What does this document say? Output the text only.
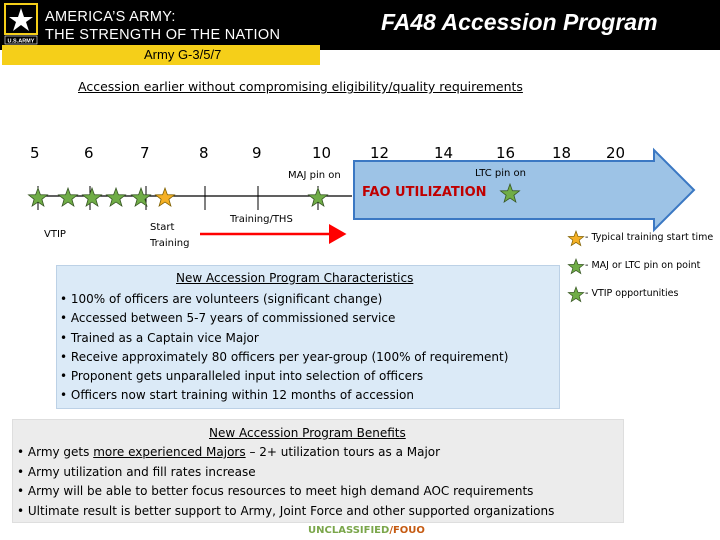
U.S.ARMY
AMERICA’S ARMY:
THE STRENGTH OF THE NATION
Army G-3/5/7
FA48 Accession Program
Accession earlier without compromising eligibility/quality requirements
5	6	7	8	9	10	12	14	16 18 20
MAJ pin on	LTC pin on
FAO UTILIZATION
VTIP
Start
Training
Training/THS
- Typical training start time
- MAJ or LTC pin on point
- VTIP opportunities
New Accession Program Characteristics
• 100% of officers are volunteers (significant change)
• Accessed between 5-7 years of commissioned service
• Trained as a Captain vice Major
• Receive approximately 80 officers per year-group (100% of requirement)
• Proponent gets unparalleled input into selection of officers
• Officers now start training within 12 months of accession
New Accession Program Benefits
• Army gets more experienced Majors – 2+ utilization tours as a Major
• Army utilization and fill rates increase
• Army will be able to better focus resources to meet high demand AOC requirements
• Ultimate result is better support to Army, Joint Force and other supported organizations
UNCLASSIFIED/FOUO
